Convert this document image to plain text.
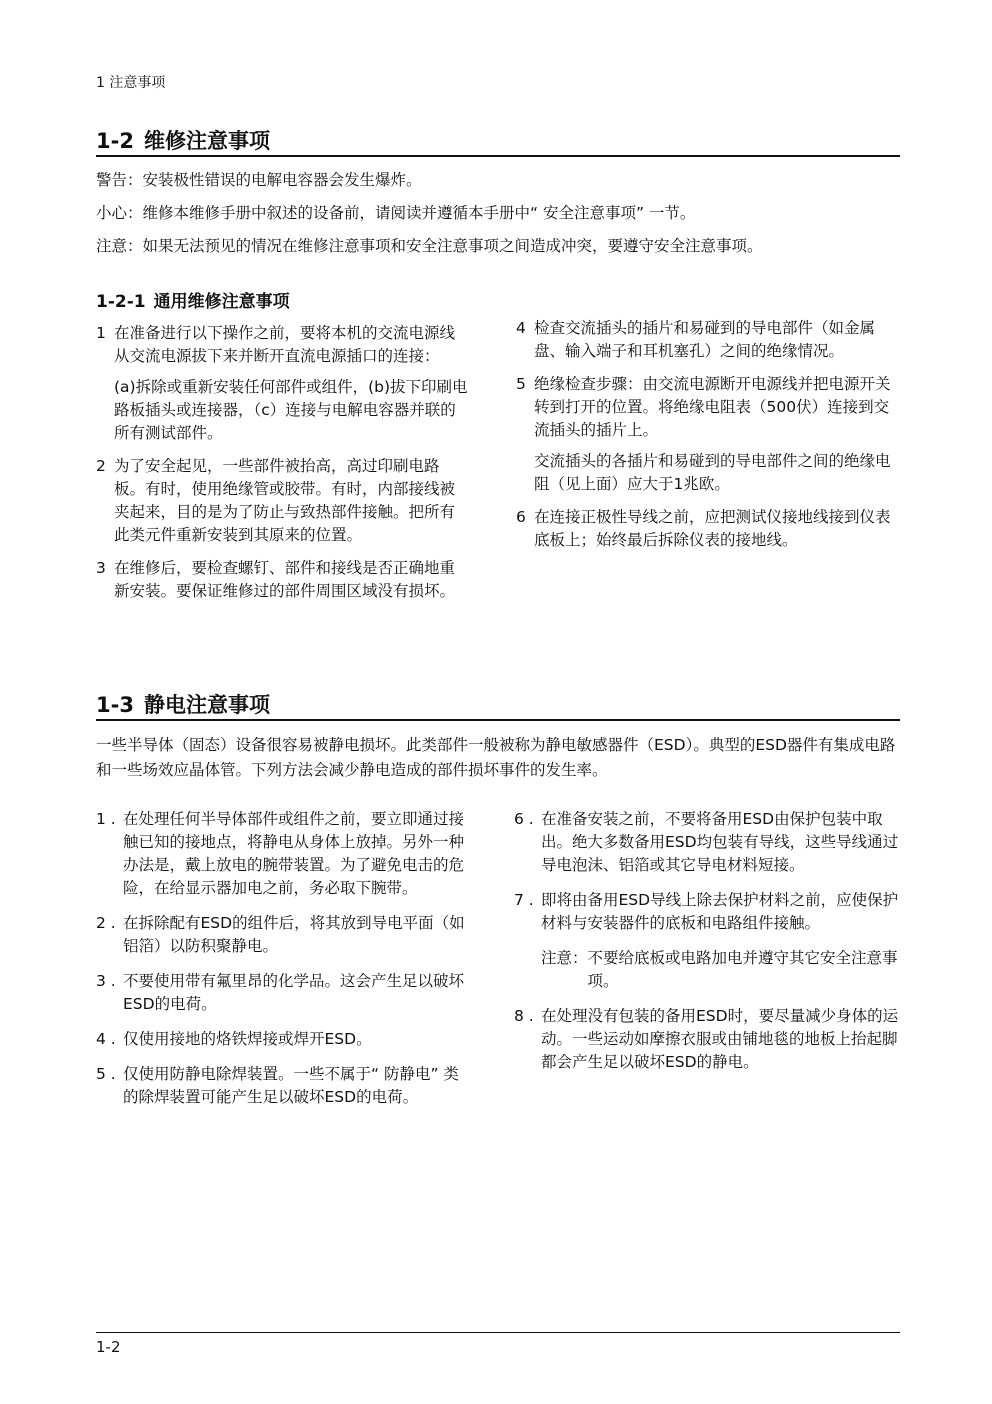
1 注意事项
1-2 维修注意事项
警告：安装极性错误的电解电容器会发生爆炸。
小心：维修本维修手册中叙述的设备前，请阅读并遵循本手册中“ 安全注意事项” 一节。
注意：如果无法预见的情况在维修注意事项和安全注意事项之间造成冲突，要遵守安全注意事项。
1-2-1 通用维修注意事项
1 在准备进行以下操作之前，要将本机的交流电源线从交流电源拔下来并断开直流电源插口的连接：

(a)拆除或重新安装任何部件或组件，(b)拔下印刷电路板插头或连接器，（c）连接与电解电容器并联的所有测试部件。

2 为了安全起见，一些部件被抬高，高过印刷电路板。有时，使用绝缘管或胶带。有时，内部接线被夹起来，目的是为了防止与致热部件接触。把所有此类元件重新安装到其原来的位置。

3 在维修后，要检查螺钉、部件和接线是否正确地重新安装。要保证维修过的部件周围区域没有损坏。

4 检查交流插头的插片和易碰到的导电部件（如金属盘、输入端子和耳机塞孔）之间的绝缘情况。

5 绝缘检查步骤：由交流电源断开电源线并把电源开关转到打开的位置。将绝缘电阻表（500伏）连接到交流插头的插片上。

交流插头的各插片和易碰到的导电部件之间的绝缘电阻（见上面）应大于1兆欧。

6 在连接正极性导线之前，应把测试仪接地线接到仪表底板上；始终最后拆除仪表的接地线。

1-3 静电注意事项
一些半导体（固态）设备很容易被静电损坏。此类部件一般被称为静电敏感器件（ESD）。典型的ESD器件有集成电路和一些场效应晶体管。下列方法会减少静电造成的部件损坏事件的发生率。
1 . 在处理任何半导体部件或组件之前，要立即通过接触已知的接地点，将静电从身体上放掉。另外一种办法是，戴上放电的腕带装置。为了避免电击的危险，在给显示器加电之前，务必取下腕带。

2 . 在拆除配有ESD的组件后，将其放到导电平面（如铝箔）以防积聚静电。

3 . 不要使用带有氟里昂的化学品。这会产生足以破坏ESD的电荷。

4 . 仅使用接地的烙铁焊接或焊开ESD。

5 . 仅使用防静电除焊装置。一些不属于“ 防静电” 类的除焊装置可能产生足以破坏ESD的电荷。

6 . 在准备安装之前，不要将备用ESD由保护包装中取出。绝大多数备用ESD均包装有导线，这些导线通过导电泡沫、铝箔或其它导电材料短接。

7 . 即将由备用ESD导线上除去保护材料之前，应使保护材料与安装器件的底板和电路组件接触。

注意： 不要给底板或电路加电并遵守其它安全注意事项。
8 . 在处理没有包装的备用ESD时，要尽量减少身体的运动。一些运动如摩擦衣服或由铺地毯的地板上抬起脚都会产生足以破坏ESD的静电。

1-2
